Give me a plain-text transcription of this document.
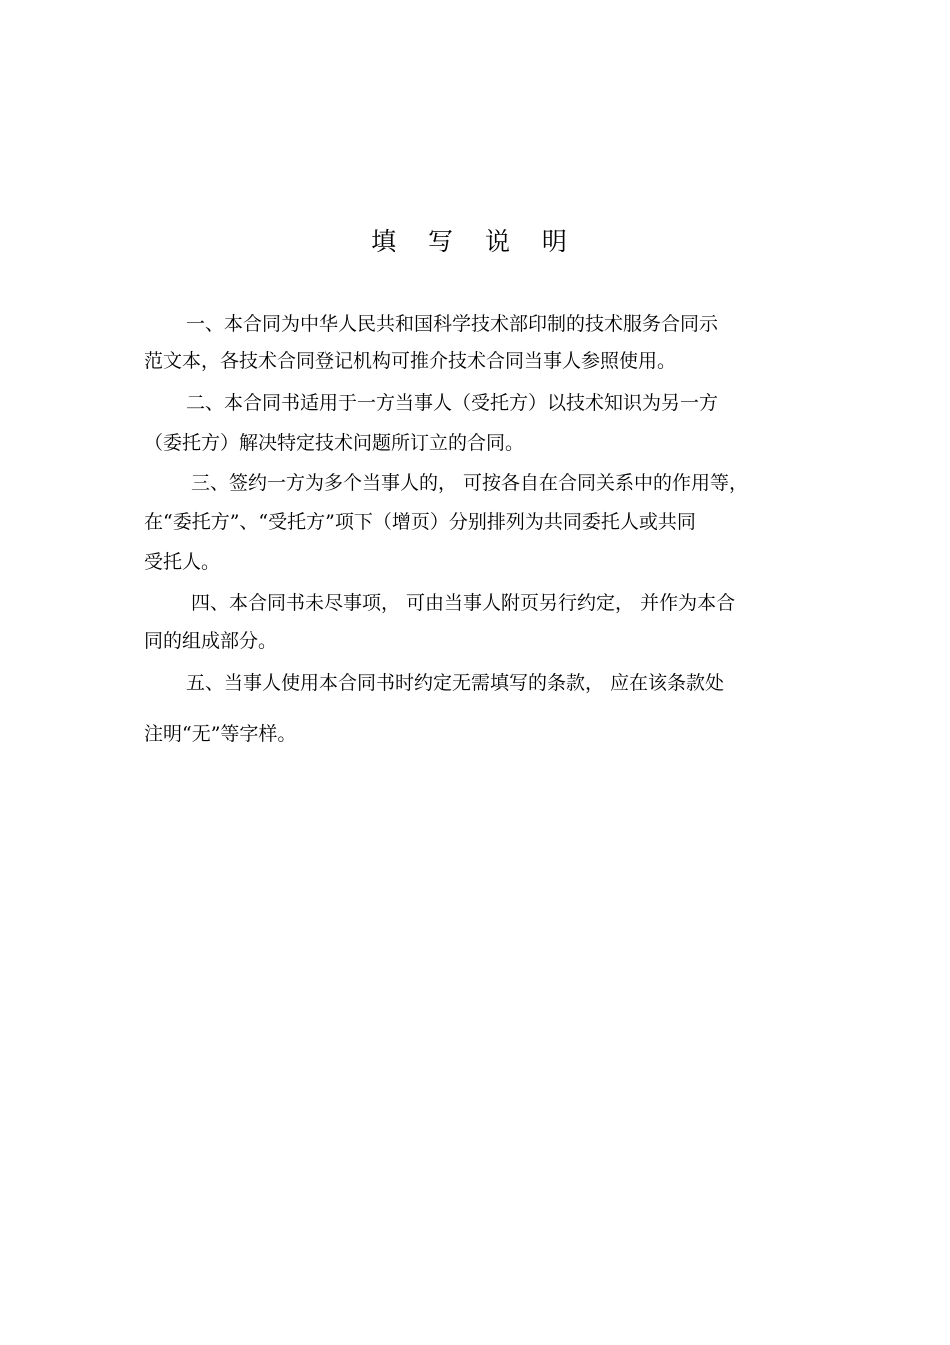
填 写 说 明
一、本合同为中华人民共和国科学技术部印制的技术服务合同示
范文本，各技术合同登记机构可推介技术合同当事人参照使用。
二、本合同书适用于一方当事人（受托方）以技术知识为另一方
（委托方）解决特定技术问题所订立的合同。
三、签约一方为多个当事人的， 可按各自在合同关系中的作用等，
在“委托方”、“受托方”项下（增页）分别排列为共同委托人或共同
受托人。
四、本合同书未尽事项， 可由当事人附页另行约定， 并作为本合
同的组成部分。
五、当事人使用本合同书时约定无需填写的条款， 应在该条款处
注明“无”等字样。
